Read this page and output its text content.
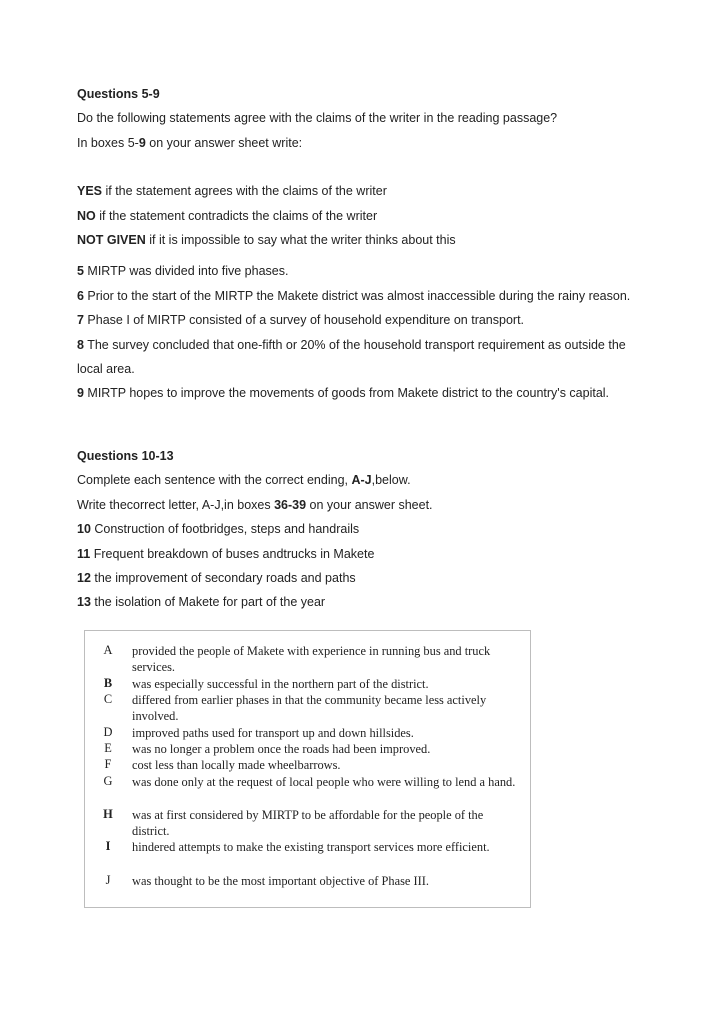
Questions 5-9
Do the following statements agree with the claims of the writer in the reading passage?
In boxes 5-9 on your answer sheet write:
YES if the statement agrees with the claims of the writer
NO if the statement contradicts the claims of the writer
NOT GIVEN if it is impossible to say what the writer thinks about this
5 MIRTP was divided into five phases.
6 Prior to the start of the MIRTP the Makete district was almost inaccessible during the rainy reason.
7 Phase I of MIRTP consisted of a survey of household expenditure on transport.
8 The survey concluded that one-fifth or 20% of the household transport requirement as outside the
local area.
9 MIRTP hopes to improve the movements of goods from Makete district to the country's capital.
Questions 10-13
Complete each sentence with the correct ending, A-J,below.
Write thecorrect letter, A-J,in boxes 36-39 on your answer sheet.
10 Construction of footbridges, steps and handrails
11 Frequent breakdown of buses andtrucks in Makete
12 the improvement of secondary roads and paths
13 the isolation of Makete for part of the year
A provided the people of Makete with experience in running bus and truck services.
B was especially successful in the northern part of the district.
C differed from earlier phases in that the community became less actively involved.
D improved paths used for transport up and down hillsides.
E was no longer a problem once the roads had been improved.
F cost less than locally made wheelbarrows.
G was done only at the request of local people who were willing to lend a hand.
H was at first considered by MIRTP to be affordable for the people of the district.
I	hindered attempts to make the existing transport services more efficient.
J	was thought to be the most important objective of Phase III.
